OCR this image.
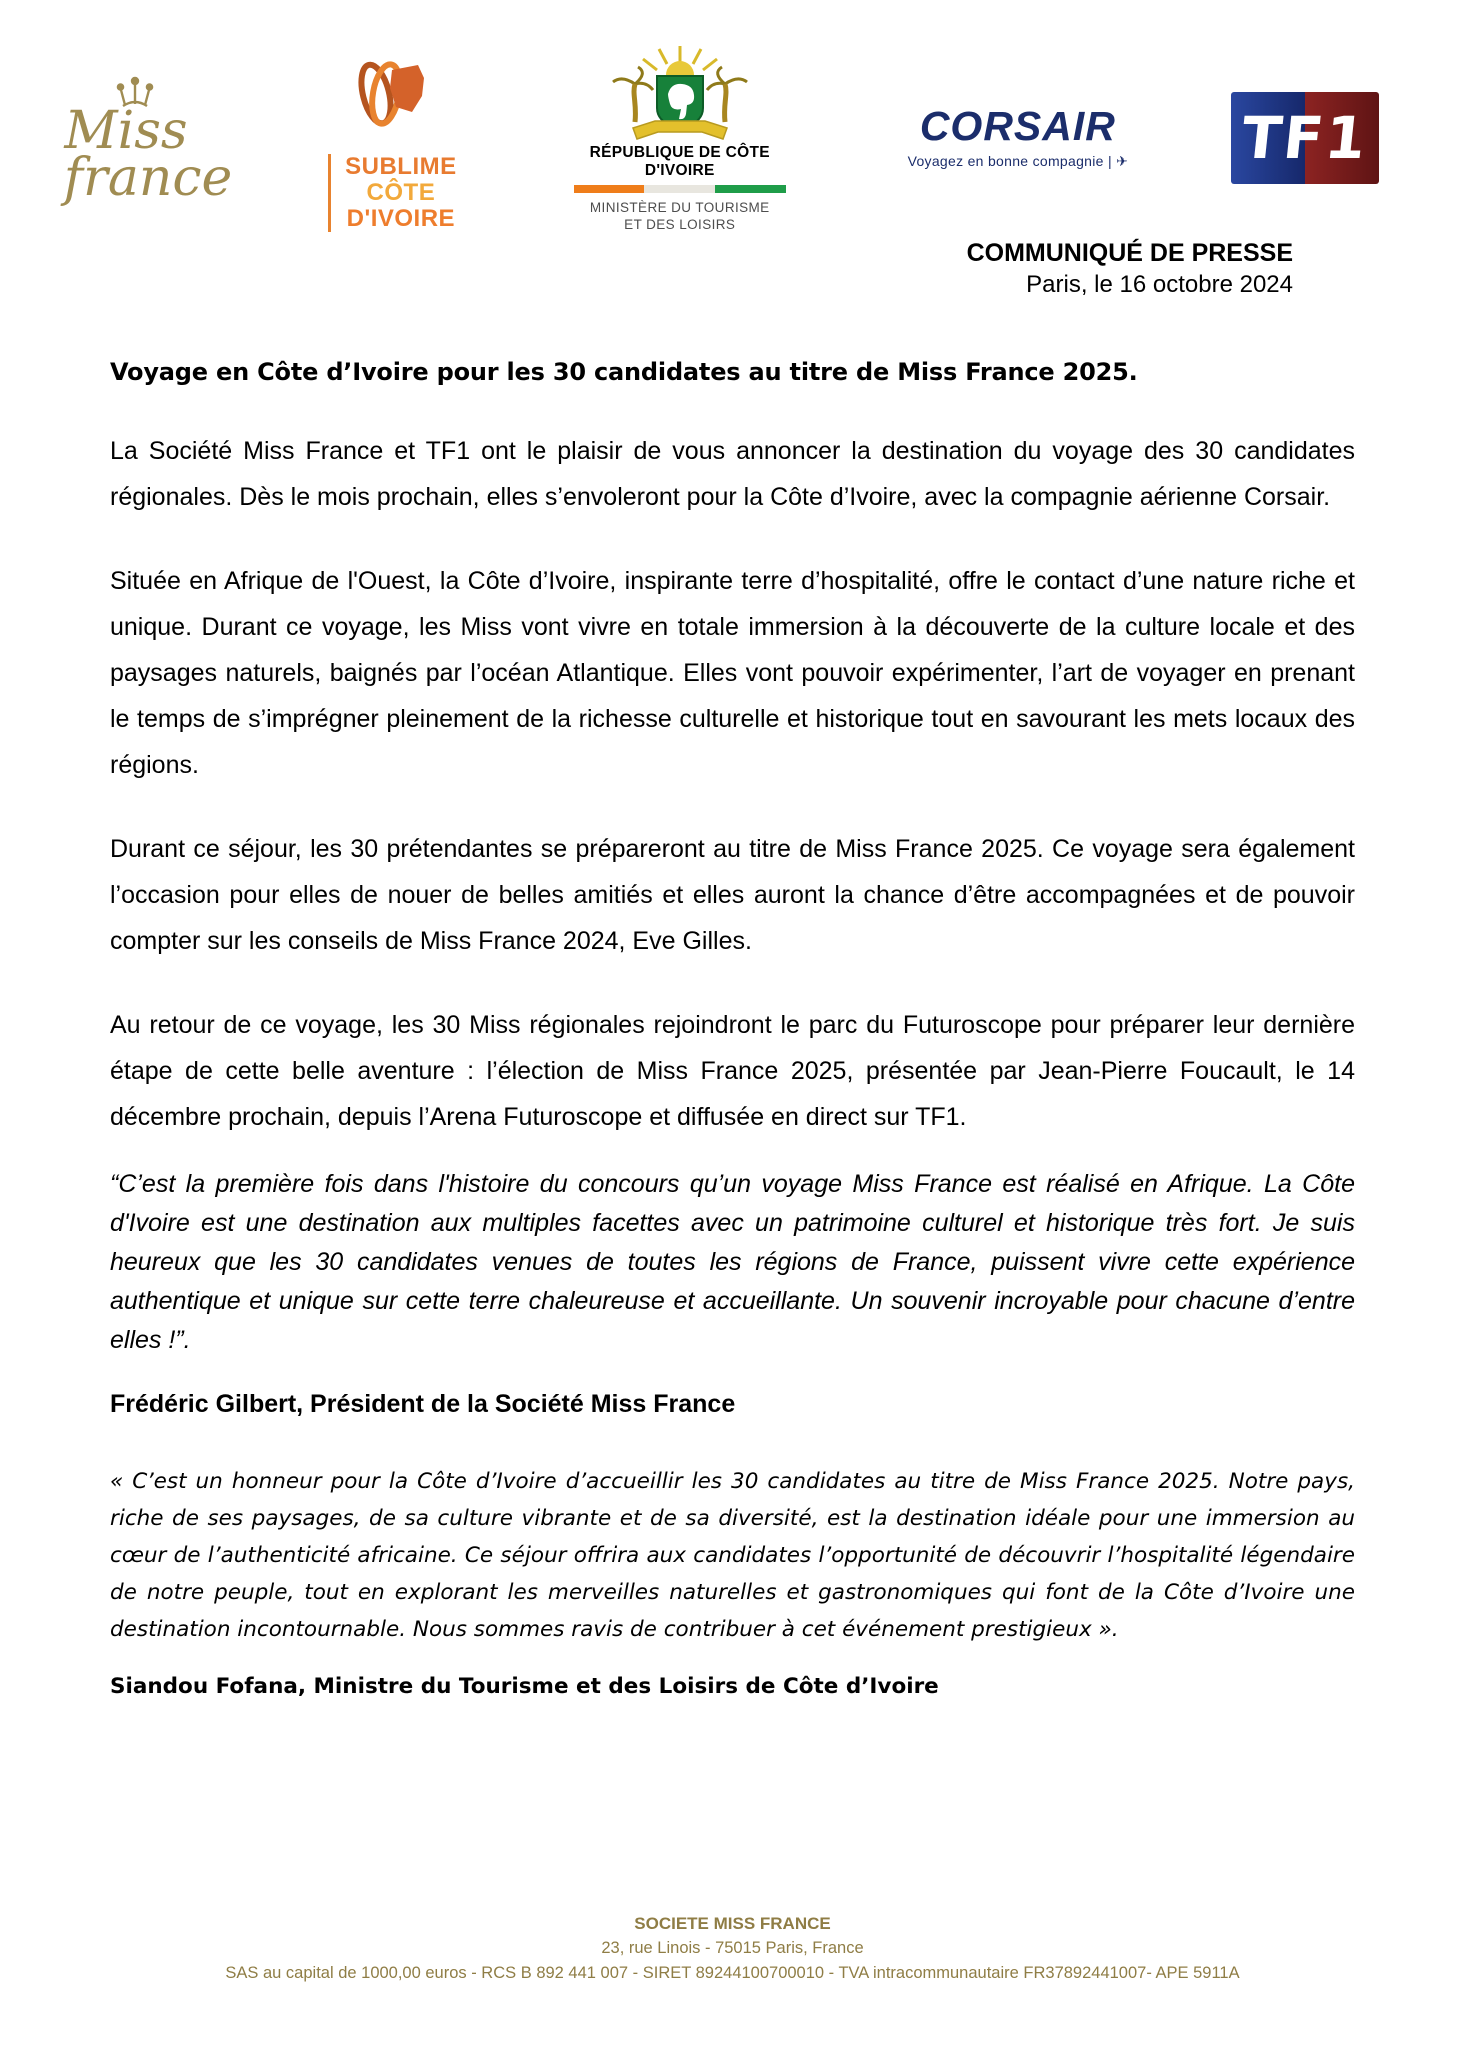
Miss
france	SUBLIME
CÔTE
D'IVOIRE
RÉPUBLIQUE DE CÔTE D'IVOIRE
MINISTÈRE DU TOURISME
ET DES LOISIRS
CORSAIR
Voyagez en bonne compagnie | ✈ TF1
COMMUNIQUÉ DE PRESSE
Paris, le 16 octobre 2024
Voyage en Côte d’Ivoire pour les 30 candidates au titre de Miss France 2025.

La Société Miss France et TF1 ont le plaisir de vous annoncer la destination du voyage des 30 candidates régionales. Dès le mois prochain, elles s’envoleront pour la Côte d’Ivoire, avec la compagnie aérienne Corsair.

Située en Afrique de l'Ouest, la Côte d’Ivoire, inspirante terre d’hospitalité, offre le contact d’une nature riche et unique. Durant ce voyage, les Miss vont vivre en totale immersion à la découverte de la culture locale et des paysages naturels, baignés par l’océan Atlantique. Elles vont pouvoir expérimenter, l’art de voyager en prenant le temps de s’imprégner pleinement de la richesse culturelle et historique tout en savourant les mets locaux des régions.

Durant ce séjour, les 30 prétendantes se prépareront au titre de Miss France 2025. Ce voyage sera également l’occasion pour elles de nouer de belles amitiés et elles auront la chance d’être accompagnées et de pouvoir compter sur les conseils de Miss France 2024, Eve Gilles.

Au retour de ce voyage, les 30 Miss régionales rejoindront le parc du Futuroscope pour préparer leur dernière étape de cette belle aventure : l’élection de Miss France 2025, présentée par Jean-Pierre Foucault, le 14 décembre prochain, depuis l’Arena Futuroscope et diffusée en direct sur TF1.

“C’est la première fois dans l'histoire du concours qu’un voyage Miss France est réalisé en Afrique. La Côte d'Ivoire est une destination aux multiples facettes avec un patrimoine culturel et historique très fort. Je suis heureux que les 30 candidates venues de toutes les régions de France, puissent vivre cette expérience authentique et unique sur cette terre chaleureuse et accueillante. Un souvenir incroyable pour chacune d’entre elles !”.

Frédéric Gilbert, Président de la Société Miss France

« C’est un honneur pour la Côte d’Ivoire d’accueillir les 30 candidates au titre de Miss France 2025. Notre pays, riche de ses paysages, de sa culture vibrante et de sa diversité, est la destination idéale pour une immersion au cœur de l’authenticité africaine. Ce séjour offrira aux candidates l’opportunité de découvrir l’hospitalité légendaire de notre peuple, tout en explorant les merveilles naturelles et gastronomiques qui font de la Côte d’Ivoire une destination incontournable. Nous sommes ravis de contribuer à cet événement prestigieux ».

Siandou Fofana, Ministre du Tourisme et des Loisirs de Côte d’Ivoire
SOCIETE MISS FRANCE
23, rue Linois - 75015 Paris, France
SAS au capital de 1000,00 euros - RCS B 892 441 007 - SIRET 89244100700010 - TVA intracommunautaire FR37892441007- APE 5911A
